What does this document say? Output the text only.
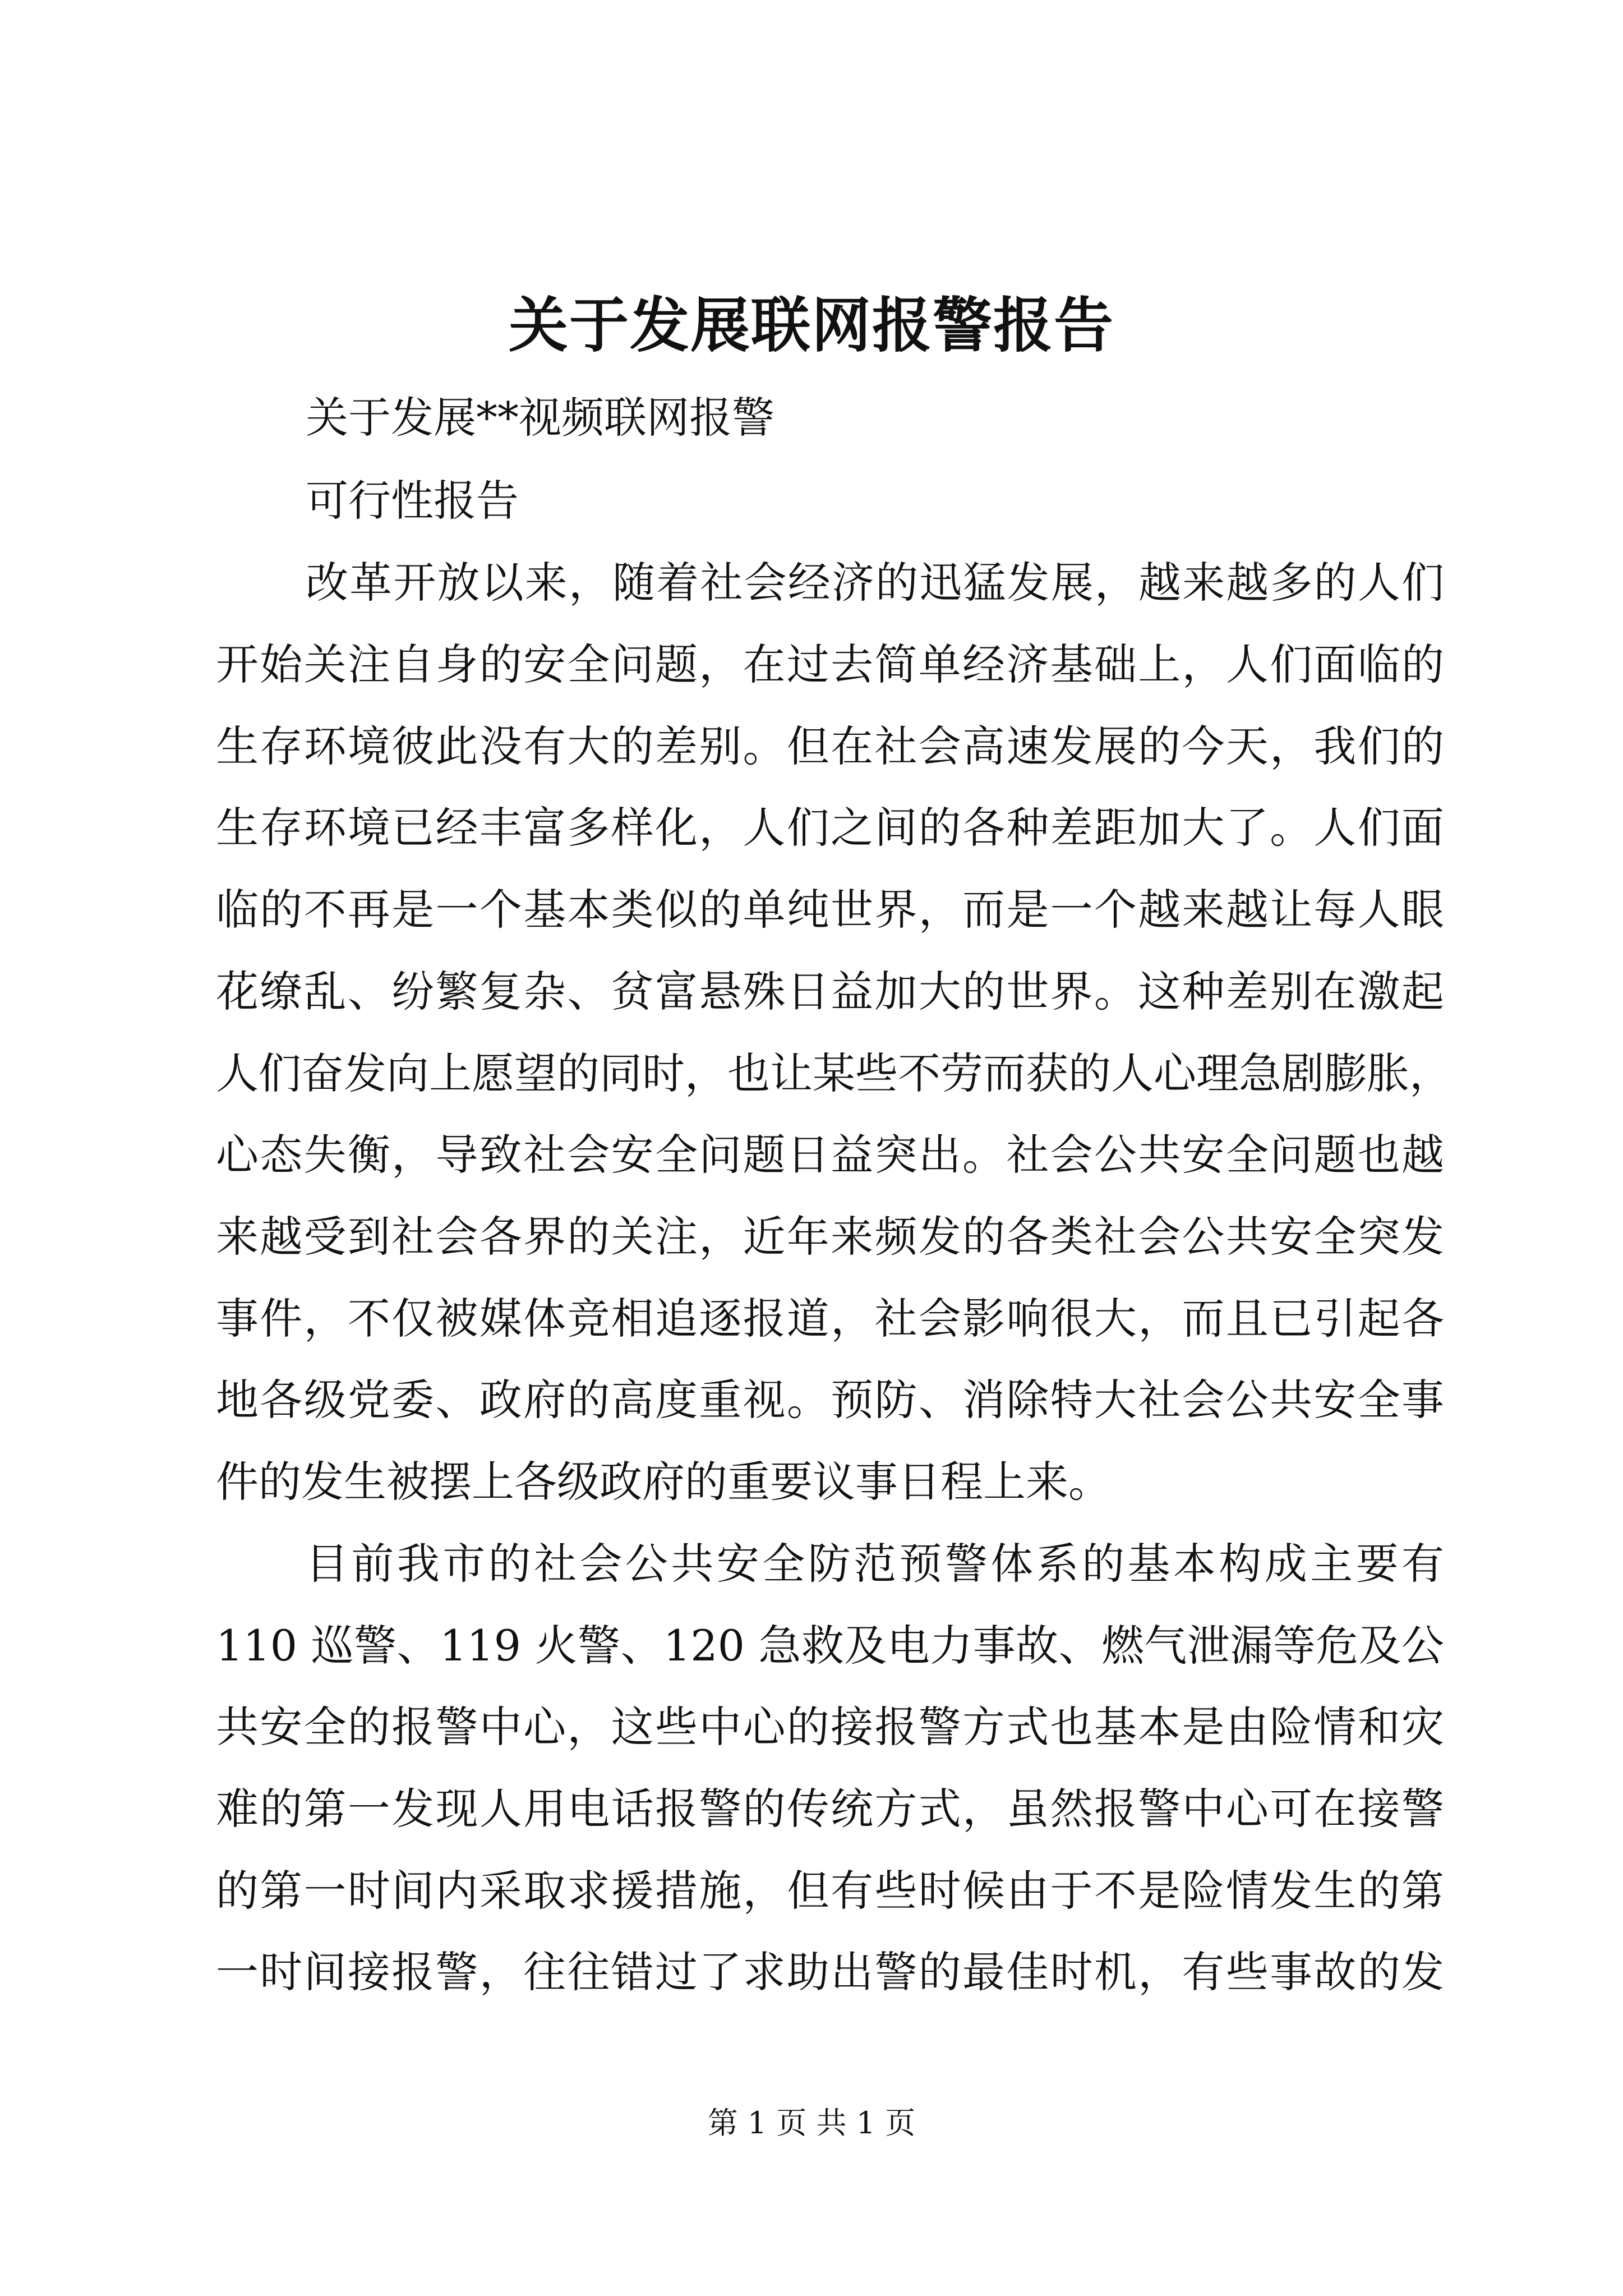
关于发展联网报警报告

关于发展**视频联网报警

可行性报告

改革开放以来，随着社会经济的迅猛发展，越来越多的人们

开始关注自身的安全问题，在过去简单经济基础上，人们面临的

生存环境彼此没有大的差别。但在社会高速发展的今天，我们的

生存环境已经丰富多样化，人们之间的各种差距加大了。人们面

临的不再是一个基本类似的单纯世界，而是一个越来越让每人眼

花缭乱、纷繁复杂、贫富悬殊日益加大的世界。这种差别在激起

人们奋发向上愿望的同时，也让某些不劳而获的人心理急剧膨胀，

心态失衡，导致社会安全问题日益突出。社会公共安全问题也越

来越受到社会各界的关注，近年来频发的各类社会公共安全突发

事件，不仅被媒体竞相追逐报道，社会影响很大，而且已引起各

地各级党委、政府的高度重视。预防、消除特大社会公共安全事

件的发生被摆上各级政府的重要议事日程上来。

目前我市的社会公共安全防范预警体系的基本构成主要有

110 巡警、119 火警、120 急救及电力事故、燃气泄漏等危及公

共安全的报警中心，这些中心的接报警方式也基本是由险情和灾

难的第一发现人用电话报警的传统方式，虽然报警中心可在接警

的第一时间内采取求援措施，但有些时候由于不是险情发生的第

一时间接报警，往往错过了求助出警的最佳时机，有些事故的发

第 1 页 共 1 页
